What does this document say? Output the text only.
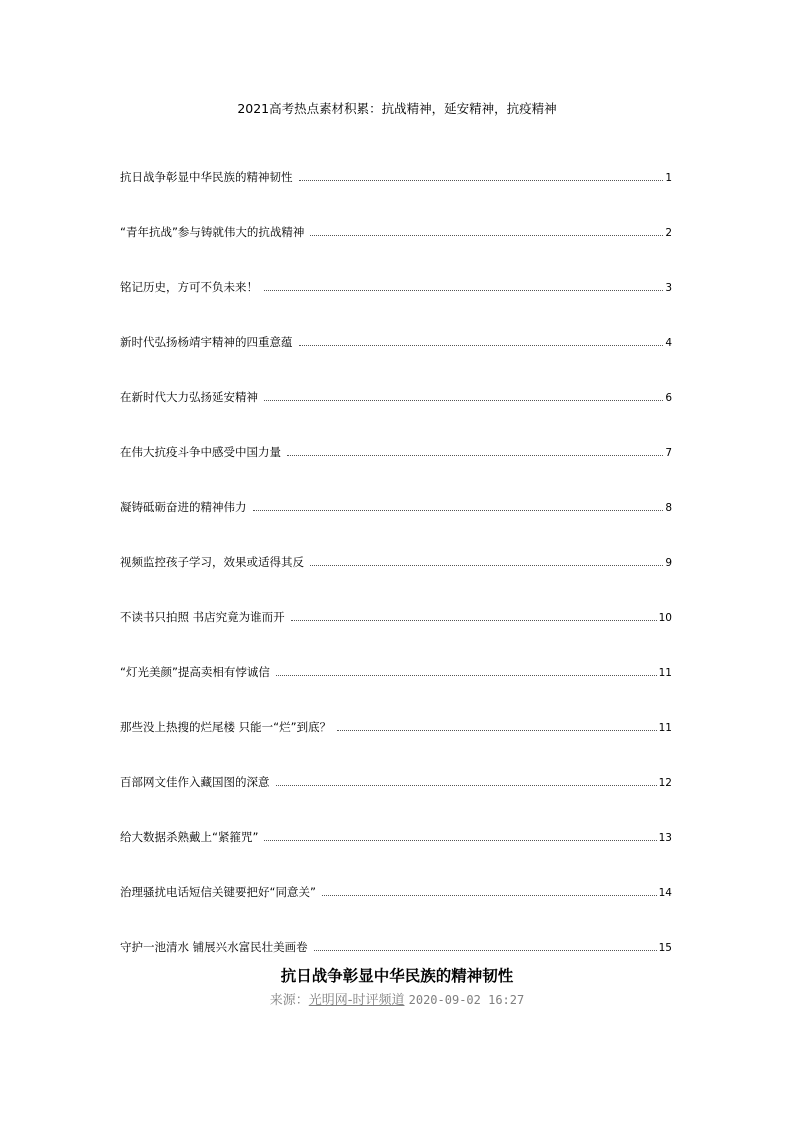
2021高考热点素材积累：抗战精神，延安精神，抗疫精神
抗日战争彰显中华民族的精神韧性	1
“青年抗战”参与铸就伟大的抗战精神	2
铭记历史，方可不负未来！	3
新时代弘扬杨靖宇精神的四重意蕴	4
在新时代大力弘扬延安精神	6
在伟大抗疫斗争中感受中国力量	7
凝铸砥砺奋进的精神伟力	8
视频监控孩子学习，效果或适得其反	9
不读书只拍照 书店究竟为谁而开	10
“灯光美颜”提高卖相有悖诚信	11
那些没上热搜的烂尾楼 只能一“烂”到底？	11
百部网文佳作入藏国图的深意	12
给大数据杀熟戴上“紧箍咒”	13
治理骚扰电话短信关键要把好“同意关”	14
守护一池清水 铺展兴水富民壮美画卷	15
抗日战争彰显中华民族的精神韧性
来源：光明网-时评频道 2020-09-02 16:27
